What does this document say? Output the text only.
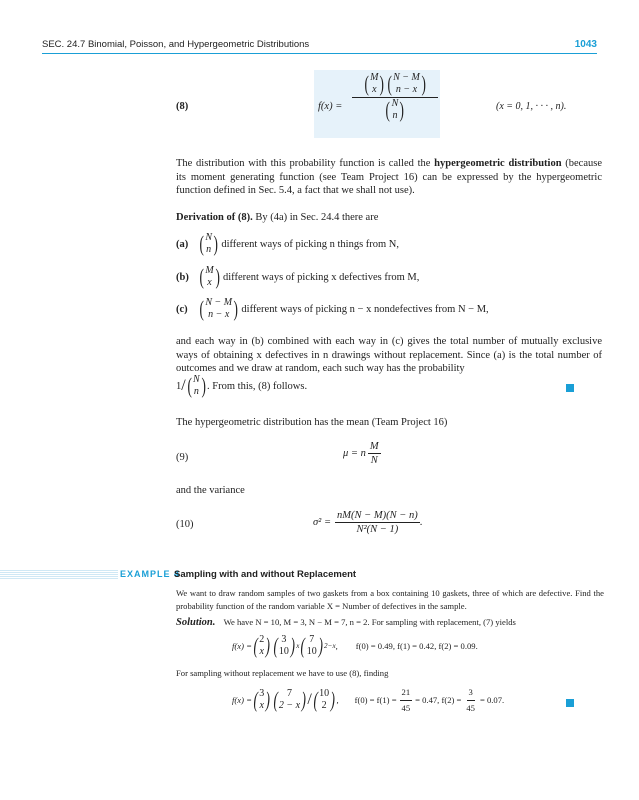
SEC. 24.7 Binomial, Poisson, and Hypergeometric Distributions	1043
(8)	f(x) =
( M
x ) ( N − M
n − x )
( N
n )	(x = 0, 1, · · · , n).
The distribution with this probability function is called the hypergeometric distribution (because its moment generating function (see Team Project 16) can be expressed by the hypergeometric function defined in Sec. 5.4, a fact that we shall not use).
Derivation of (8). By (4a) in Sec. 24.4 there are
(a) ( N
n ) different ways of picking n things from N,
(b) ( M
x ) different ways of picking x defectives from M,
(c) ( N − M
n − x ) different ways of picking n − x nondefectives from N − M,
and each way in (b) combined with each way in (c) gives the total number of mutually exclusive ways of obtaining x defectives in n drawings without replacement. Since (a) is the total number of outcomes and we draw at random, each such way has the probability
1 / ( N
n ) . From this, (8) follows.
The hypergeometric distribution has the mean (Team Project 16)
(9)	μ = n $\frac{M}{N}$
and the variance
(10)	$\sigma^2 = \frac{nM(N - M)(N - n)}{\text{N²(N − 1)}}$ .
EXAMPLE 4
Sampling with and without Replacement
We want to draw random samples of two gaskets from a box containing 10 gaskets, three of which are defective. Find the probability function of the random variable X = Number of defectives in the sample.
Solution. We have N = 10, M = 3, N − M = 7, n = 2. For sampling with replacement, (7) yields
f(x) = ( 2
x ) ( 3
10 ) x ( 7
10 ) 2−x , f(0) = 0.49, f(1) = 0.42, f(2) = 0.09.
For sampling without replacement we have to use (8), finding
f(x) = ( 3
x ) ( 7
2 − x ) / ( 10
2 ) , $f(0) = f(1) = \frac{21}{45} = 0.47$, $f(2) = \frac{3}{45} = 0.07$.
